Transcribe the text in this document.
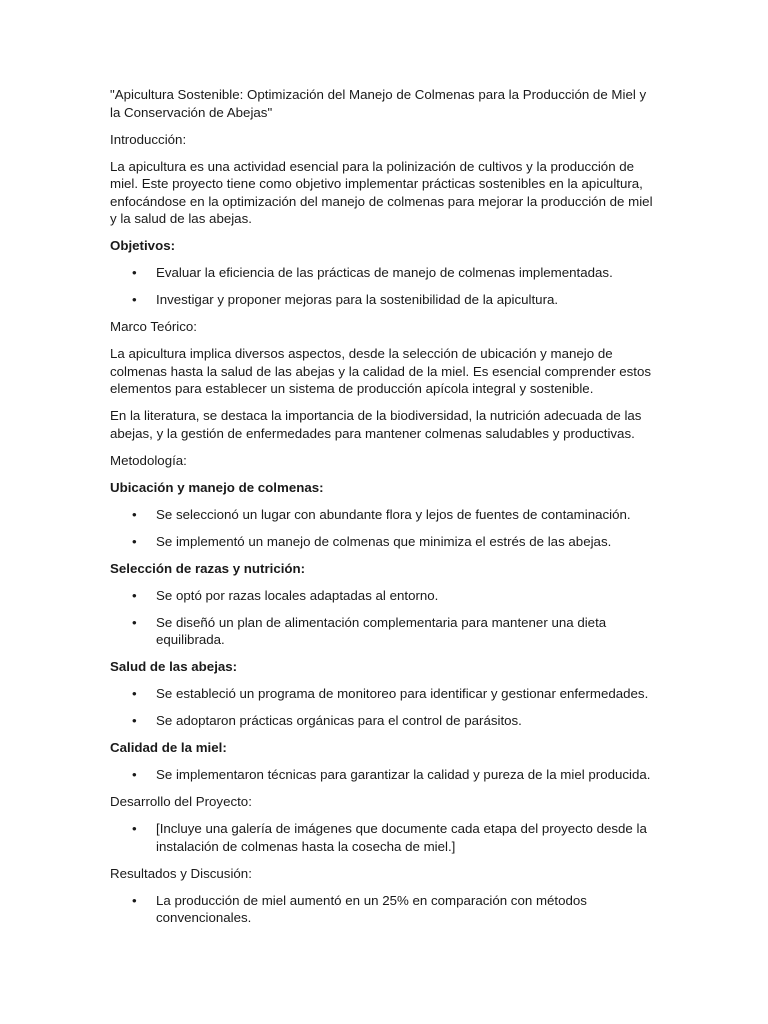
"Apicultura Sostenible: Optimización del Manejo de Colmenas para la Producción de Miel y la Conservación de Abejas"

Introducción:

La apicultura es una actividad esencial para la polinización de cultivos y la producción de miel. Este proyecto tiene como objetivo implementar prácticas sostenibles en la apicultura, enfocándose en la optimización del manejo de colmenas para mejorar la producción de miel y la salud de las abejas.

Objetivos:

• Evaluar la eficiencia de las prácticas de manejo de colmenas implementadas.
• Investigar y proponer mejoras para la sostenibilidad de la apicultura.

Marco Teórico:

La apicultura implica diversos aspectos, desde la selección de ubicación y manejo de colmenas hasta la salud de las abejas y la calidad de la miel. Es esencial comprender estos elementos para establecer un sistema de producción apícola integral y sostenible.

En la literatura, se destaca la importancia de la biodiversidad, la nutrición adecuada de las abejas, y la gestión de enfermedades para mantener colmenas saludables y productivas.

Metodología:

Ubicación y manejo de colmenas:

• Se seleccionó un lugar con abundante flora y lejos de fuentes de contaminación.
• Se implementó un manejo de colmenas que minimiza el estrés de las abejas.

Selección de razas y nutrición:

• Se optó por razas locales adaptadas al entorno.
• Se diseñó un plan de alimentación complementaria para mantener una dieta equilibrada.

Salud de las abejas:

• Se estableció un programa de monitoreo para identificar y gestionar enfermedades.
• Se adoptaron prácticas orgánicas para el control de parásitos.

Calidad de la miel:

• Se implementaron técnicas para garantizar la calidad y pureza de la miel producida.

Desarrollo del Proyecto:

• [Incluye una galería de imágenes que documente cada etapa del proyecto desde la instalación de colmenas hasta la cosecha de miel.]

Resultados y Discusión:

• La producción de miel aumentó en un 25% en comparación con métodos convencionales.
